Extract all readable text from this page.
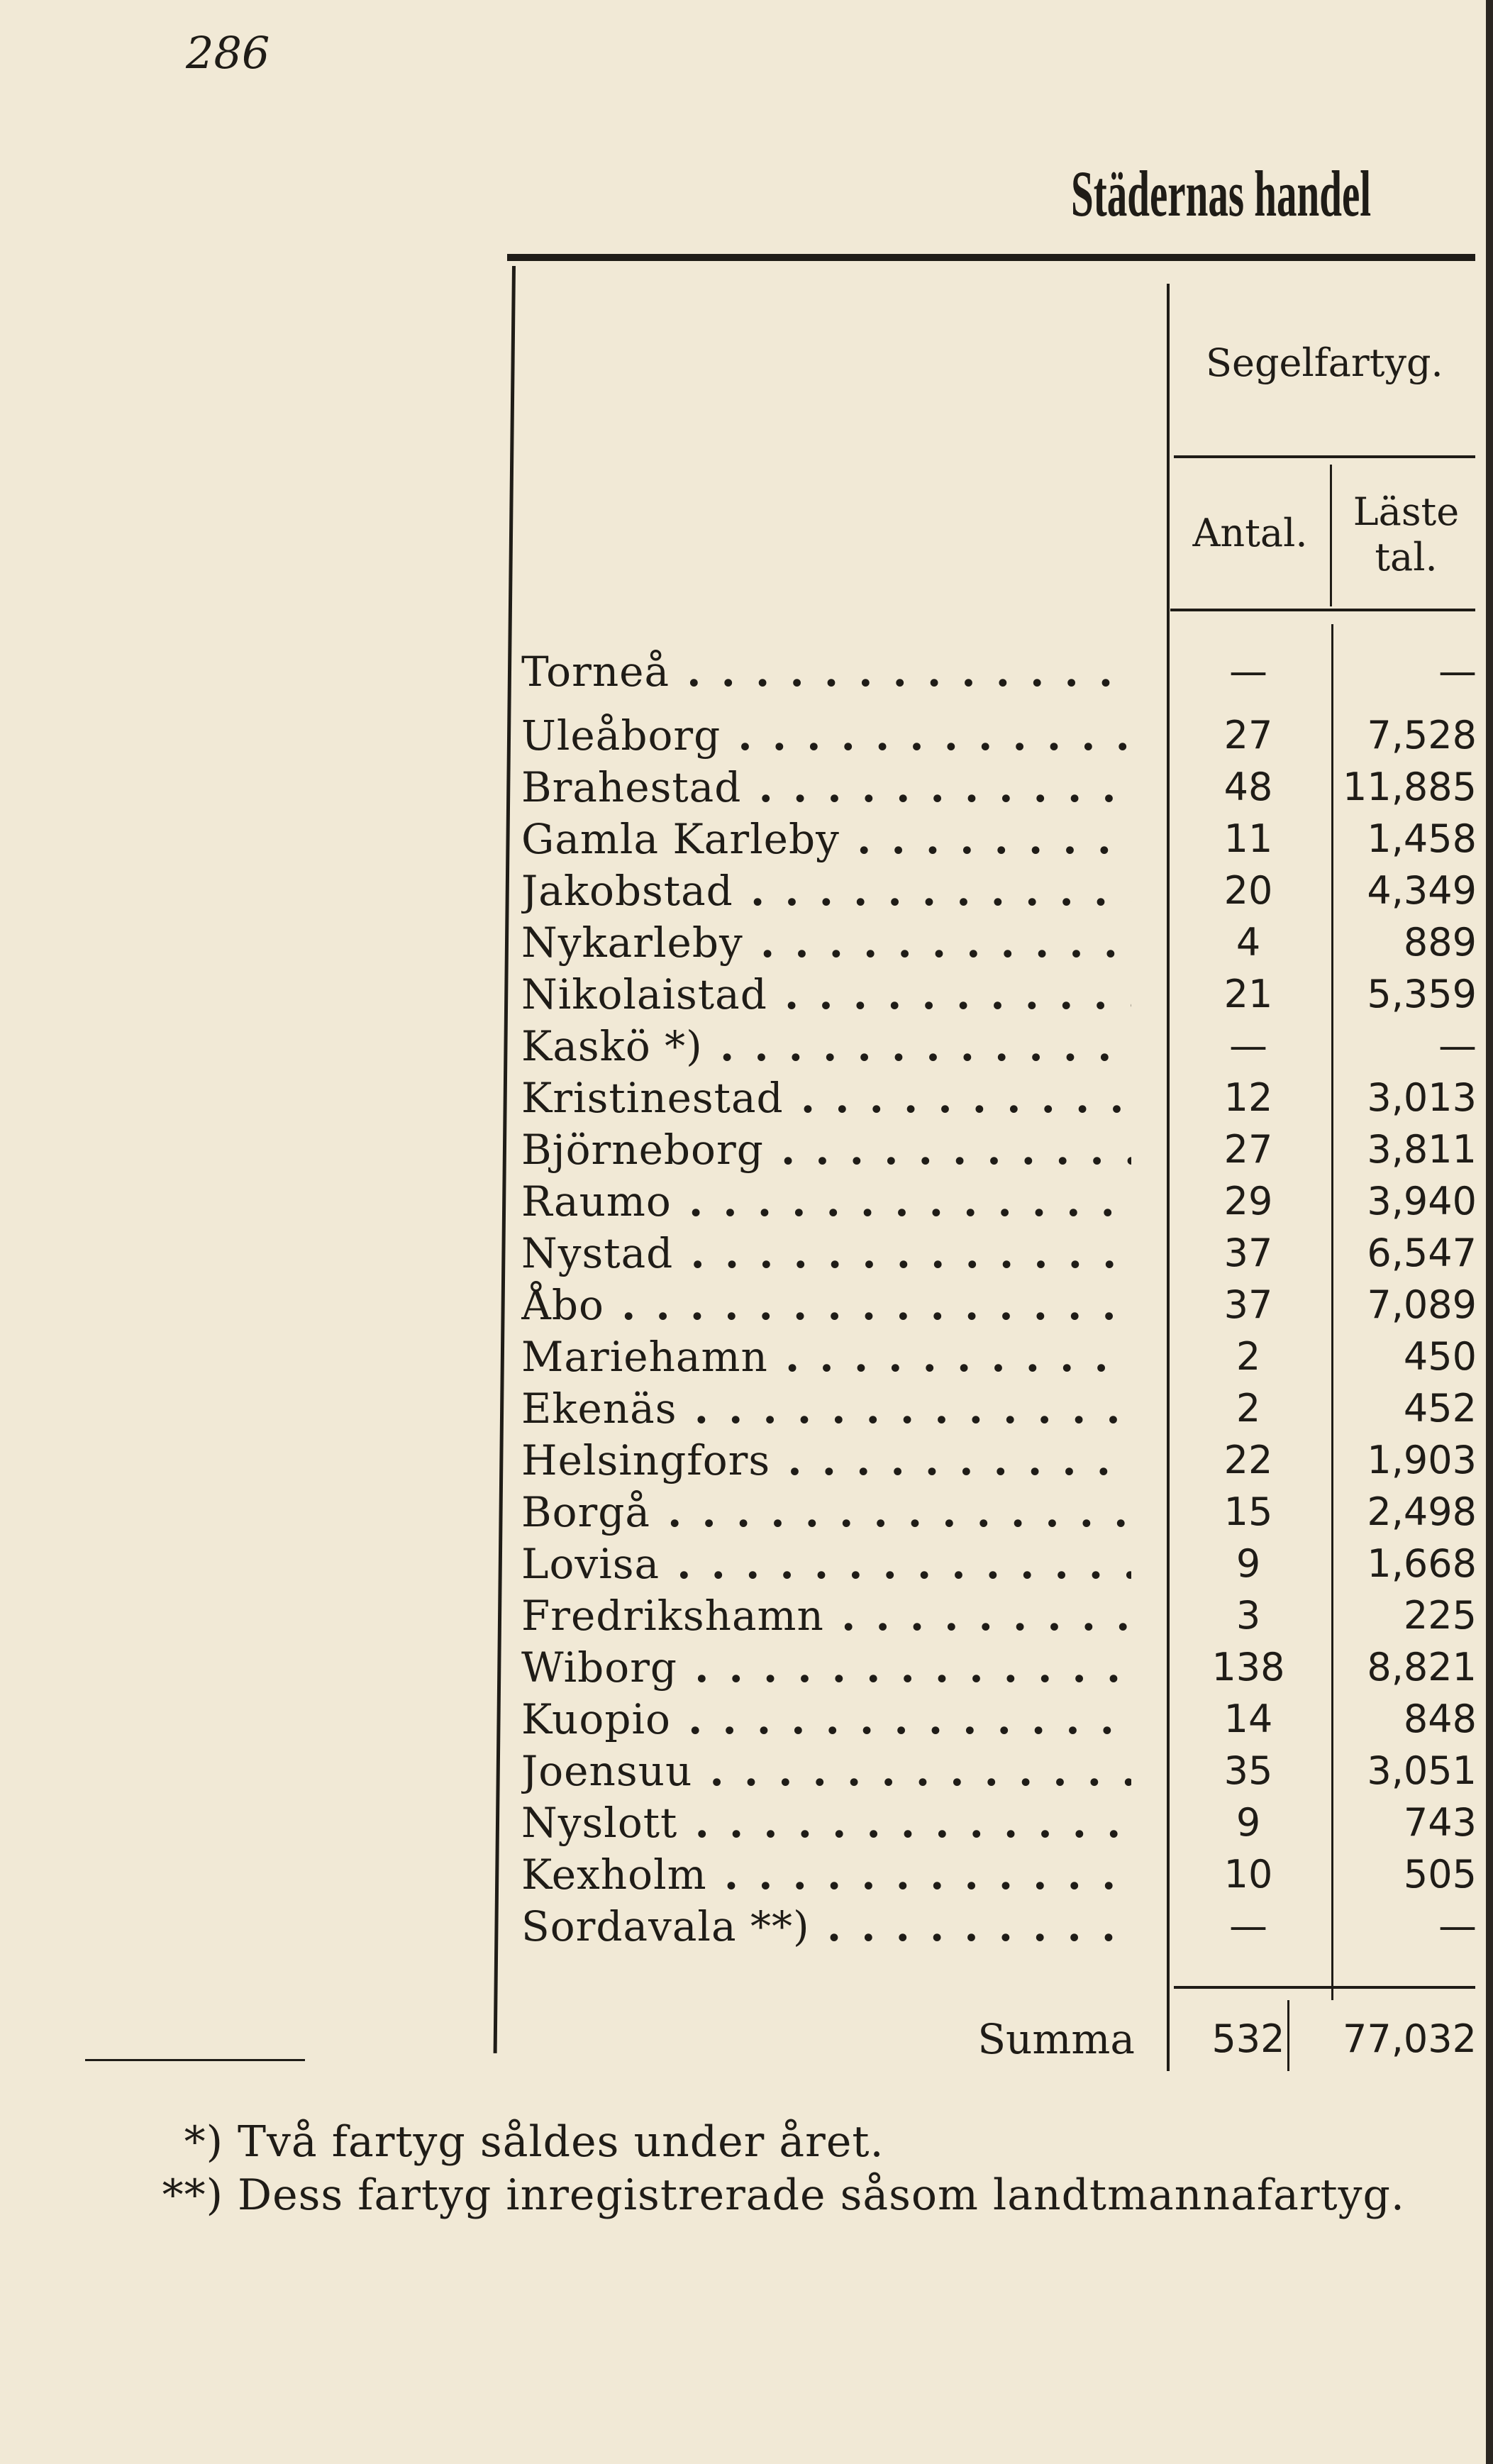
286
Städernas handel
Segelfartyg.
Antal.	Läste tal.
Torneå . . .	—	—
Uleåborg . . .	27	7,528
Brahestad . . .	48	11,885
Gamla Karleby . . .	11	1,458
Jakobstad . . .	20	4,349
Nykarleby . . .	4	889
Nikolaistad . . .	21	5,359
Kaskö *) . . .	—	—
Kristinestad . . .	12	3,013
Björneborg . . .	27	3,811
Raumo . . .	29	3,940
Nystad . . .	37	6,547
Åbo . . .	37	7,089
Mariehamn . . .	2	450
Ekenäs . . .	2	452
Helsingfors . . .	22	1,903
Borgå . . .	15	2,498
Lovisa . . .	9	1,668
Fredrikshamn . . .	3	225
Wiborg . . .	138	8,821
Kuopio . . .	14	848
Joensuu . . .	35	3,051
Nyslott . . .	9	743
Kexholm . . .	10	505
Sordavala **) . . .	—	—
Summa	532	77,032
*) Två fartyg såldes under året.
**) Dess fartyg inregistrerade såsom landtmannafartyg.
